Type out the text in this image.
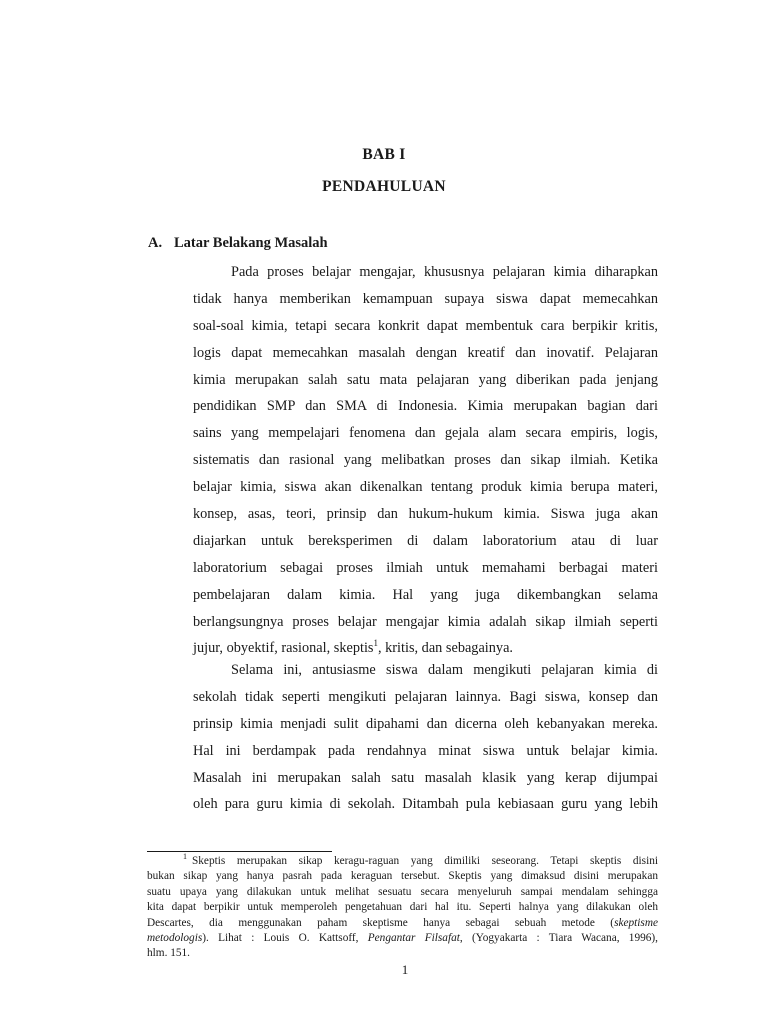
BAB I
PENDAHULUAN
A. Latar Belakang Masalah
Pada proses belajar mengajar, khususnya pelajaran kimia diharapkan
tidak hanya memberikan kemampuan supaya siswa dapat memecahkan
soal-soal kimia, tetapi secara konkrit dapat membentuk cara berpikir kritis,
logis dapat memecahkan masalah dengan kreatif dan inovatif. Pelajaran
kimia merupakan salah satu mata pelajaran yang diberikan pada jenjang
pendidikan SMP dan SMA di Indonesia. Kimia merupakan bagian dari
sains yang mempelajari fenomena dan gejala alam secara empiris, logis,
sistematis dan rasional yang melibatkan proses dan sikap ilmiah. Ketika
belajar kimia, siswa akan dikenalkan tentang produk kimia berupa materi,
konsep, asas, teori, prinsip dan hukum-hukum kimia. Siswa juga akan
diajarkan untuk bereksperimen di dalam laboratorium atau di luar
laboratorium sebagai proses ilmiah untuk memahami berbagai materi
pembelajaran dalam kimia. Hal yang juga dikembangkan selama
berlangsungnya proses belajar mengajar kimia adalah sikap ilmiah seperti
jujur, obyektif, rasional, skeptis$^1$, kritis, dan sebagainya.
Selama ini, antusiasme siswa dalam mengikuti pelajaran kimia di
sekolah tidak seperti mengikuti pelajaran lainnya. Bagi siswa, konsep dan
prinsip kimia menjadi sulit dipahami dan dicerna oleh kebanyakan mereka.
Hal ini berdampak pada rendahnya minat siswa untuk belajar kimia.
Masalah ini merupakan salah satu masalah klasik yang kerap dijumpai
oleh para guru kimia di sekolah. Ditambah pula kebiasaan guru yang lebih
$^1$ Skeptis merupakan sikap keragu-raguan yang dimiliki seseorang. Tetapi skeptis disini
bukan sikap yang hanya pasrah pada keraguan tersebut. Skeptis yang dimaksud disini merupakan
suatu upaya yang dilakukan untuk melihat sesuatu secara menyeluruh sampai mendalam sehingga
kita dapat berpikir untuk memperoleh pengetahuan dari hal itu. Seperti halnya yang dilakukan oleh
Descartes, dia menggunakan paham skeptisme hanya sebagai sebuah metode (skeptisme
metodologis). Lihat : Louis O. Kattsoff, Pengantar Filsafat, (Yogyakarta : Tiara Wacana, 1996),
hlm. 151.
1
